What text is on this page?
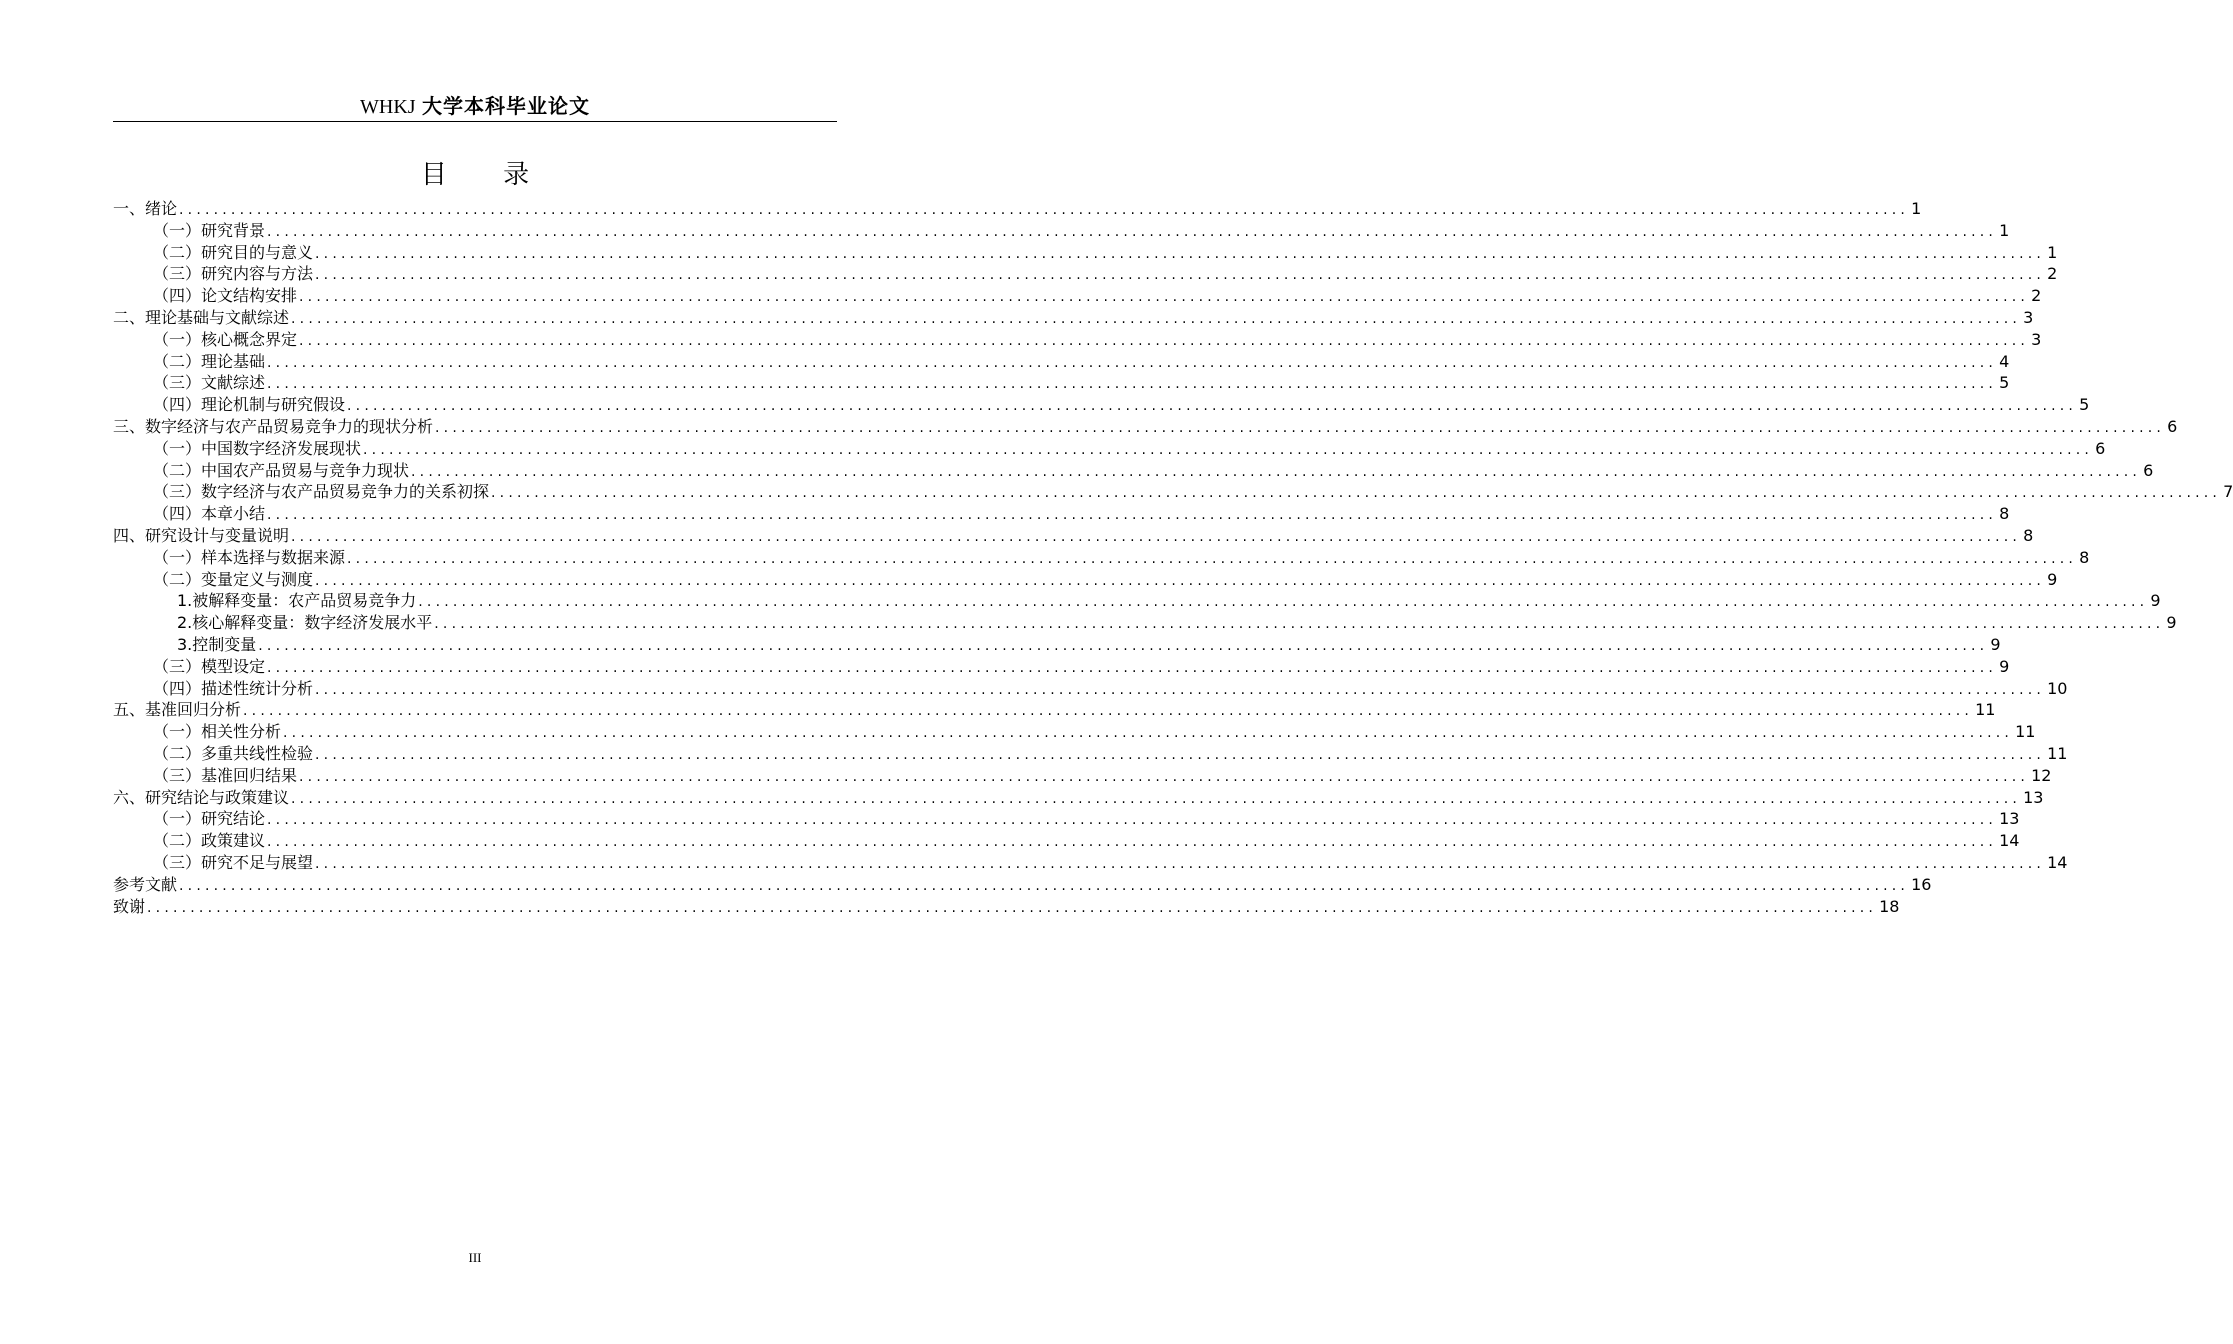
WHKJ 大学本科毕业论文
目 录
一、绪论 ........................................................................................................................................................................................................ 1
（一）研究背景 ........................................................................................................................................................................................................ 1
（二）研究目的与意义 ........................................................................................................................................................................................................ 1
（三）研究内容与方法 ........................................................................................................................................................................................................ 2
（四）论文结构安排 ........................................................................................................................................................................................................ 2
二、理论基础与文献综述 ........................................................................................................................................................................................................ 3
（一）核心概念界定 ........................................................................................................................................................................................................ 3
（二）理论基础 ........................................................................................................................................................................................................ 4
（三）文献综述 ........................................................................................................................................................................................................ 5
（四）理论机制与研究假设 ........................................................................................................................................................................................................ 5
三、数字经济与农产品贸易竞争力的现状分析 ........................................................................................................................................................................................................ 6
（一）中国数字经济发展现状 ........................................................................................................................................................................................................ 6
（二）中国农产品贸易与竞争力现状 ........................................................................................................................................................................................................ 6
（三）数字经济与农产品贸易竞争力的关系初探 ........................................................................................................................................................................................................ 7
（四）本章小结 ........................................................................................................................................................................................................ 8
四、研究设计与变量说明 ........................................................................................................................................................................................................ 8
（一）样本选择与数据来源 ........................................................................................................................................................................................................ 8
（二）变量定义与测度 ........................................................................................................................................................................................................ 9
1.被解释变量：农产品贸易竞争力 ........................................................................................................................................................................................................ 9
2.核心解释变量：数字经济发展水平 ........................................................................................................................................................................................................ 9
3.控制变量 ........................................................................................................................................................................................................ 9
（三）模型设定 ........................................................................................................................................................................................................ 9
（四）描述性统计分析 ........................................................................................................................................................................................................ 10
五、基准回归分析 ........................................................................................................................................................................................................ 11
（一）相关性分析 ........................................................................................................................................................................................................ 11
（二）多重共线性检验 ........................................................................................................................................................................................................ 11
（三）基准回归结果 ........................................................................................................................................................................................................ 12
六、研究结论与政策建议 ........................................................................................................................................................................................................ 13
（一）研究结论 ........................................................................................................................................................................................................ 13
（二）政策建议 ........................................................................................................................................................................................................ 14
（三）研究不足与展望 ........................................................................................................................................................................................................ 14
参考文献 ........................................................................................................................................................................................................ 16
致谢 ........................................................................................................................................................................................................ 18
III
